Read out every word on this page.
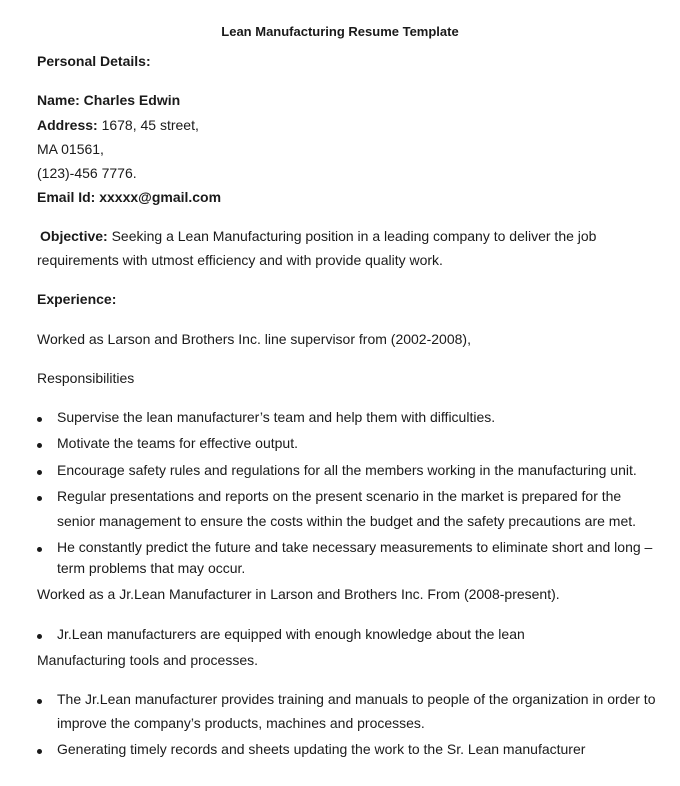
Lean Manufacturing Resume Template
Personal Details:
Name: Charles Edwin
Address: 1678, 45 street,
MA 01561,
(123)-456 7776.
Email Id: xxxxx@gmail.com
Objective: Seeking a Lean Manufacturing position in a leading company to deliver the job
requirements with utmost efficiency and with provide quality work.
Experience:
Worked as Larson and Brothers Inc. line supervisor from (2002-2008),
Responsibilities
Supervise the lean manufacturer’s team and help them with difficulties.
Motivate the teams for effective output.
Encourage safety rules and regulations for all the members working in the manufacturing unit.
Regular presentations and reports on the present scenario in the market is prepared for the
senior management to ensure the costs within the budget and the safety precautions are met.
He constantly predict the future and take necessary measurements to eliminate short and long –
term problems that may occur.
Worked as a Jr.Lean Manufacturer in Larson and Brothers Inc. From (2008-present).
Jr.Lean manufacturers are equipped with enough knowledge about the lean
Manufacturing tools and processes.
The Jr.Lean manufacturer provides training and manuals to people of the organization in order to
improve the company’s products, machines and processes.
Generating timely records and sheets updating the work to the Sr. Lean manufacturer
